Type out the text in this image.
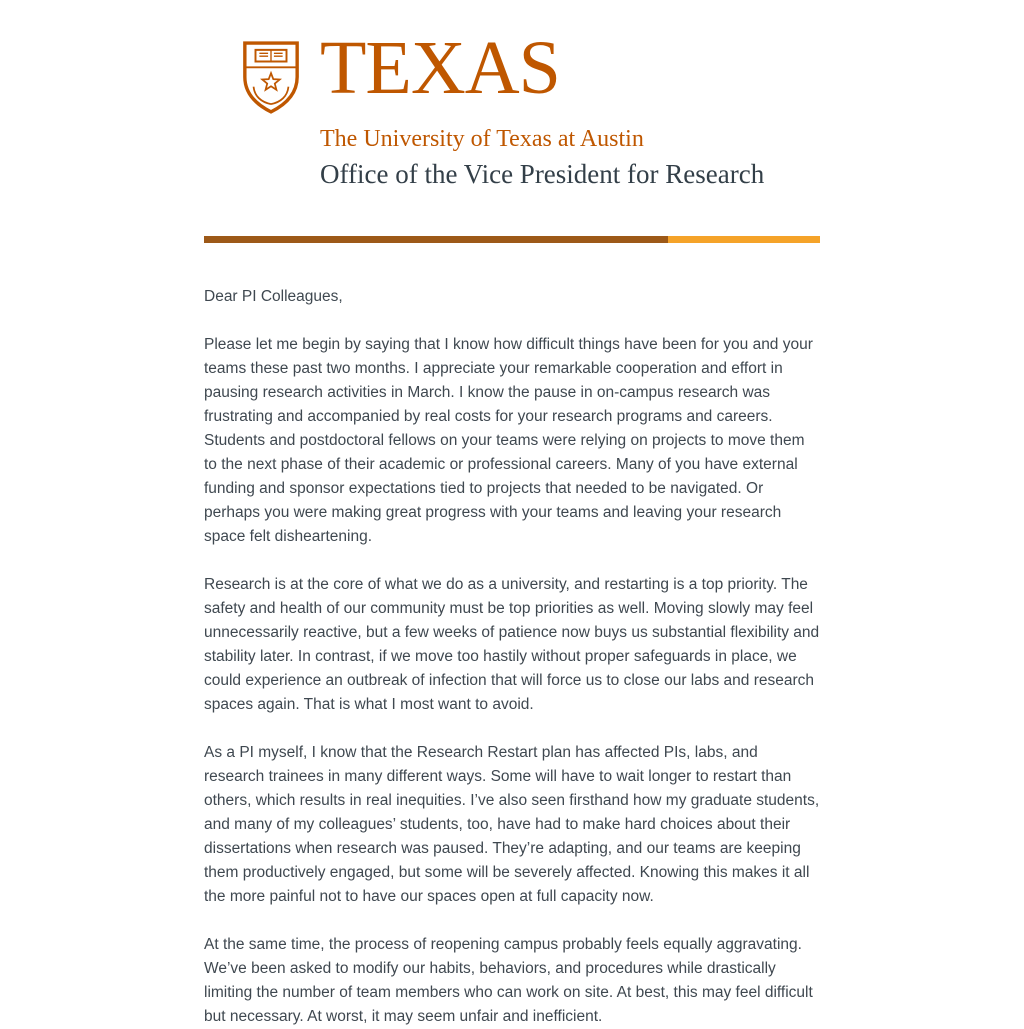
TEXAS
The University of Texas at Austin
Office of the Vice President for Research

Dear PI Colleagues,

Please let me begin by saying that I know how difficult things have been for you and your teams these past two months. I appreciate your remarkable cooperation and effort in pausing research activities in March. I know the pause in on-campus research was frustrating and accompanied by real costs for your research programs and careers. Students and postdoctoral fellows on your teams were relying on projects to move them to the next phase of their academic or professional careers. Many of you have external funding and sponsor expectations tied to projects that needed to be navigated. Or perhaps you were making great progress with your teams and leaving your research space felt disheartening.

Research is at the core of what we do as a university, and restarting is a top priority. The safety and health of our community must be top priorities as well. Moving slowly may feel unnecessarily reactive, but a few weeks of patience now buys us substantial flexibility and stability later. In contrast, if we move too hastily without proper safeguards in place, we could experience an outbreak of infection that will force us to close our labs and research spaces again. That is what I most want to avoid.

As a PI myself, I know that the Research Restart plan has affected PIs, labs, and research trainees in many different ways. Some will have to wait longer to restart than others, which results in real inequities. I’ve also seen firsthand how my graduate students, and many of my colleagues’ students, too, have had to make hard choices about their dissertations when research was paused. They’re adapting, and our teams are keeping them productively engaged, but some will be severely affected. Knowing this makes it all the more painful not to have our spaces open at full capacity now.

At the same time, the process of reopening campus probably feels equally aggravating. We’ve been asked to modify our habits, behaviors, and procedures while drastically limiting the number of team members who can work on site. At best, this may feel difficult but necessary. At worst, it may seem unfair and inefficient.
